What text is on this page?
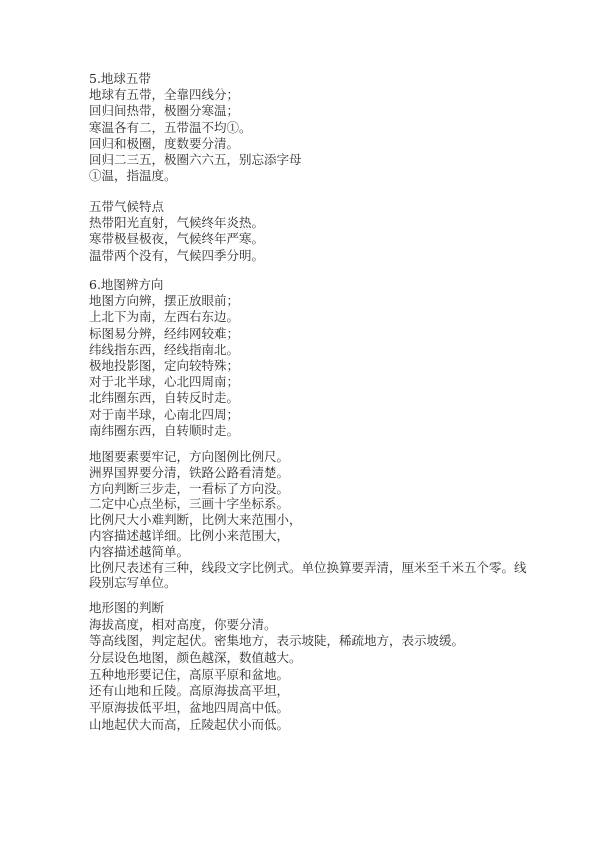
5.地球五带
地球有五带，全靠四线分；
回归间热带，极圈分寒温；
寒温各有二，五带温不均①。
回归和极圈，度数要分清。
回归二三五，极圈六六五，别忘添字母
①温，指温度。
五带气候特点
热带阳光直射，气候终年炎热。
寒带极昼极夜，气候终年严寒。
温带两个没有，气候四季分明。
6.地图辨方向
地图方向辨，摆正放眼前；
上北下为南，左西右东边。
标图易分辨，经纬网较难；
纬线指东西，经线指南北。
极地投影图，定向较特殊；
对于北半球，心北四周南；
北纬圈东西，自转反时走。
对于南半球，心南北四周；
南纬圈东西，自转顺时走。
地图要素要牢记，方向图例比例尺。
洲界国界要分清，铁路公路看清楚。
方向判断三步走，一看标了方向没。
二定中心点坐标，三画十字坐标系。
比例尺大小难判断，比例大来范围小，
内容描述越详细。比例小来范围大，
内容描述越简单。
比例尺表述有三种，线段文字比例式。单位换算要弄清，厘米至千米五个零。线
段别忘写单位。
地形图的判断
海拔高度，相对高度，你要分清。
等高线图，判定起伏。密集地方，表示坡陡，稀疏地方，表示坡缓。
分层设色地图，颜色越深，数值越大。
五种地形要记住，高原平原和盆地。
还有山地和丘陵。高原海拔高平坦，
平原海拔低平坦，盆地四周高中低。
山地起伏大而高，丘陵起伏小而低。
